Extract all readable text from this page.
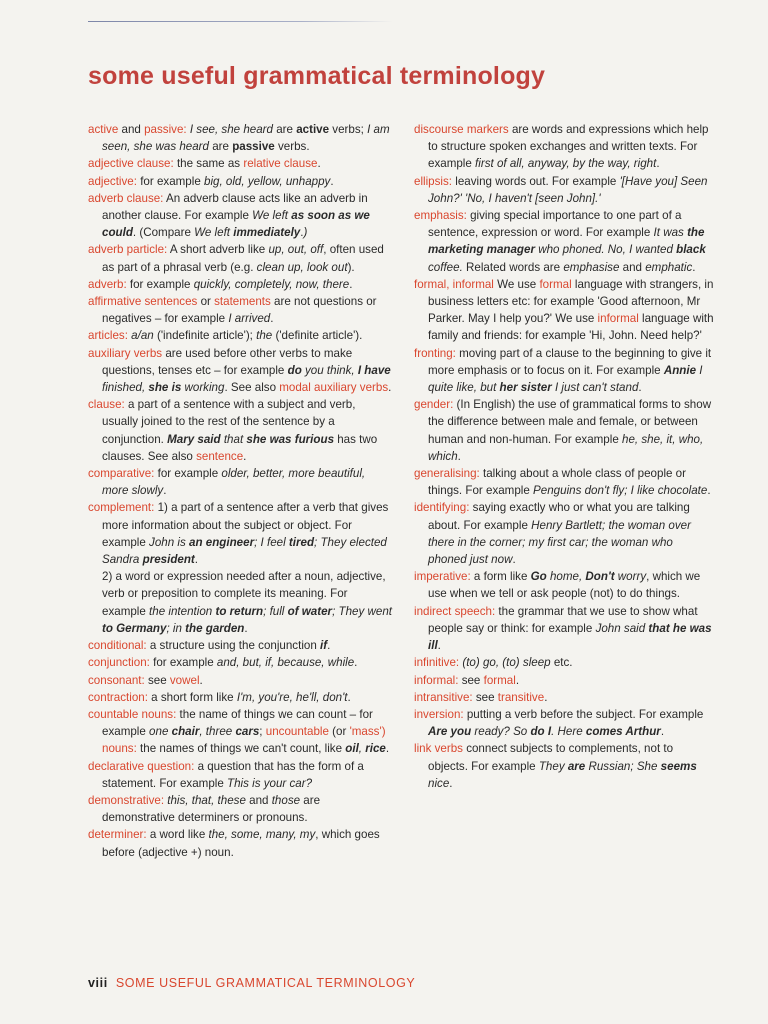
some useful grammatical terminology
active and passive: I see, she heard are active verbs; I am seen, she was heard are passive verbs.
adjective clause: the same as relative clause.
adjective: for example big, old, yellow, unhappy.
adverb clause: An adverb clause acts like an adverb in another clause. For example We left as soon as we could. (Compare We left immediately.)
adverb particle: A short adverb like up, out, off, often used as part of a phrasal verb (e.g. clean up, look out).
adverb: for example quickly, completely, now, there.
affirmative sentences or statements are not questions or negatives – for example I arrived.
articles: a/an ('indefinite article'); the ('definite article').
auxiliary verbs are used before other verbs to make questions, tenses etc – for example do you think, I have finished, she is working. See also modal auxiliary verbs.
clause: a part of a sentence with a subject and verb, usually joined to the rest of the sentence by a conjunction. Mary said that she was furious has two clauses. See also sentence.
comparative: for example older, better, more beautiful, more slowly.
complement: 1) a part of a sentence after a verb that gives more information about the subject or object. For example John is an engineer; I feel tired; They elected Sandra president.
2) a word or expression needed after a noun, adjective, verb or preposition to complete its meaning. For example the intention to return; full of water; They went to Germany; in the garden.
conditional: a structure using the conjunction if.
conjunction: for example and, but, if, because, while.
consonant: see vowel.
contraction: a short form like I'm, you're, he'll, don't.
countable nouns: the name of things we can count – for example one chair, three cars; uncountable (or 'mass') nouns: the names of things we can't count, like oil, rice.
declarative question: a question that has the form of a statement. For example This is your car?
demonstrative: this, that, these and those are demonstrative determiners or pronouns.
determiner: a word like the, some, many, my, which goes before (adjective +) noun.
discourse markers are words and expressions which help to structure spoken exchanges and written texts. For example first of all, anyway, by the way, right.
ellipsis: leaving words out. For example '[Have you] Seen John?' 'No, I haven't [seen John].'
emphasis: giving special importance to one part of a sentence, expression or word. For example It was the marketing manager who phoned. No, I wanted black coffee. Related words are emphasise and emphatic.
formal, informal We use formal language with strangers, in business letters etc: for example 'Good afternoon, Mr Parker. May I help you?' We use informal language with family and friends: for example 'Hi, John. Need help?'
fronting: moving part of a clause to the beginning to give it more emphasis or to focus on it. For example Annie I quite like, but her sister I just can't stand.
gender: (In English) the use of grammatical forms to show the difference between male and female, or between human and non-human. For example he, she, it, who, which.
generalising: talking about a whole class of people or things. For example Penguins don't fly; I like chocolate.
identifying: saying exactly who or what you are talking about. For example Henry Bartlett; the woman over there in the corner; my first car; the woman who phoned just now.
imperative: a form like Go home, Don't worry, which we use when we tell or ask people (not) to do things.
indirect speech: the grammar that we use to show what people say or think: for example John said that he was ill.
infinitive: (to) go, (to) sleep etc.
informal: see formal.
intransitive: see transitive.
inversion: putting a verb before the subject. For example Are you ready? So do I. Here comes Arthur.
link verbs connect subjects to complements, not to objects. For example They are Russian; She seems nice.
viii SOME USEFUL GRAMMATICAL TERMINOLOGY
